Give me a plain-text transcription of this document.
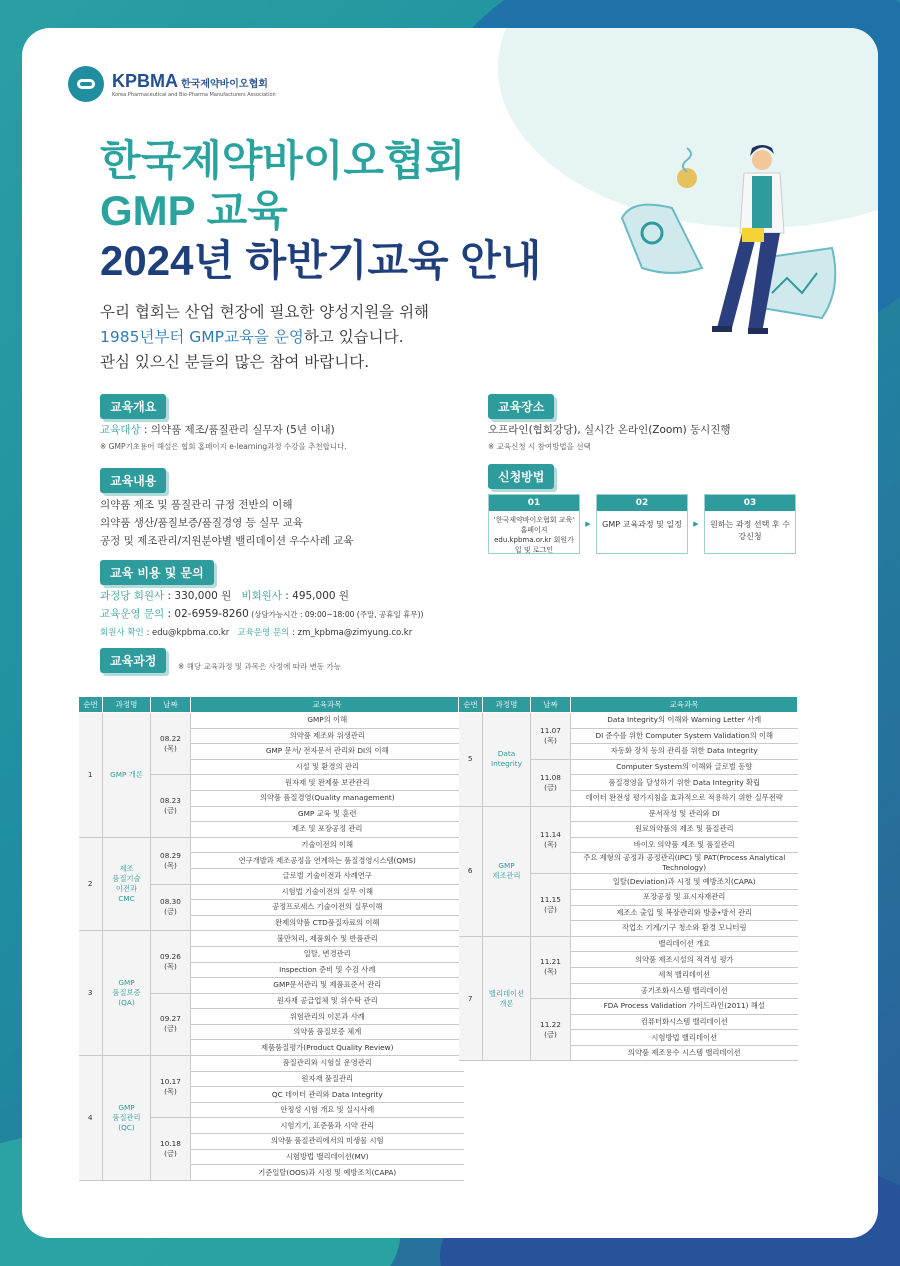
KPBMA 한국제약바이오협회
Korea Pharmaceutical and Bio-Pharma Manufacturers Association
한국제약바이오협회
GMP 교육
2024년 하반기교육 안내
우리 협회는 산업 현장에 필요한 양성지원을 위해
1985년부터 GMP교육을 운영하고 있습니다.
관심 있으신 분들의 많은 참여 바랍니다.
교육개요
교육대상 : 의약품 제조/품질관리 실무자 (5년 이내)
※ GMP기초용어 해설은 협회 홈페이지 e-learning과정 수강을 추천합니다.
교육장소
오프라인(협회강당), 실시간 온라인(Zoom) 동시진행
※ 교육신청 시 참여방법을 선택
신청방법
01
'한국제약바이오협회 교육' 홈페이지 edu.kpbma.or.kr 회원가입 및 로그인
▶
02
GMP 교육과정 및 일정	▶
03
원하는 과정 선택 후 수강신청
교육내용
의약품 제조 및 품질관리 규정 전반의 이해
의약품 생산/품질보증/품질경영 등 실무 교육
공정 및 제조관리/지원분야별 밸리데이션 우수사례 교육
교육 비용 및 문의
과정당 회원사 : 330,000 원 비회원사 : 495,000 원
교육운영 문의 : 02-6959-8260 (상담가능시간 : 09:00~18:00 (주말, 공휴일 휴무))
회원사 확인 : edu@kpbma.co.kr 교육운영 문의 : zm_kpbma@zimyung.co.kr
교육과정	※ 해당 교육과정 및 과목은 사정에 따라 변동 가능
순번	과정명	날짜	교육과목
1	GMP 개론	08.22
(목)	GMP의 이해
			의약품 제조와 위생관리
			GMP 문서/ 전자문서 관리와 DI의 이해
			시설 및 환경의 관리
		08.23
(금)	원자재 및 완제품 보관관리
			의약품 품질경영(Quality management)
			GMP 교육 및 훈련
			제조 및 포장공정 관리
2	제조
품질기술
이전과
CMC	08.29
(목)	기술이전의 이해
			연구개발과 제조공정을 연계하는 품질경영시스템(QMS)
			글로벌 기술이전과 사례연구
		08.30
(금)	시험법 기술이전의 실무 이해
			공정프로세스 기술이전의 실무이해
			완제의약품 CTD품질자료의 이해
3	GMP
품질보증
(QA)	09.26
(목)	불만처리, 제품회수 및 반품관리
			일탈, 변경관리
			Inspection 준비 및 수검 사례
			GMP문서관리 및 제품표준서 관리
		09.27
(금)	원자재 공급업체 및 위수탁 관리
			위험관리의 이론과 사례
			의약품 품질보증 체계
			제품품질평가(Product Quality Review)
4	GMP
품질관리
(QC)	10.17
(목)	품질관리와 시험실 운영관리
			원자재 품질관리
			QC 데이터 관리와 Data Integrity
			안정성 시험 개요 및 실시사례
		10.18
(금)	시험기기, 표준품과 시약 관리
			의약품 품질관리에서의 미생물 시험
			시험방법 밸리데이션(MV)
			기준일탈(OOS)과 시정 및 예방조치(CAPA)
순번	과정명	날짜	교육과목
5	Data
Integrity	11.07
(목)	Data Integrity의 이해와 Warning Letter 사례
			DI 준수를 위한 Computer System Validation의 이해
			자동화 장치 등의 관리를 위한 Data Integrity
		11.08
(금)	Computer System의 이해와 글로벌 동향
			품질경영을 달성하기 위한 Data Integrity 확립
			데이터 완전성 평가지침을 효과적으로 적용하기 위한 실무전략
6	GMP
제조관리	11.14
(목)	문서작성 및 관리와 DI
			원료의약품의 제조 및 품질관리
			바이오 의약품 제조 및 품질관리
			주요 제형의 공정과 공정관리(IPC) 및 PAT(Process Analytical Technology)
		11.15
(금)	일탈(Deviation)과 시정 및 예방조치(CAPA)
			포장공정 및 표시자재관리
			제조소 출입 및 복장관리와 방충•방서 관리
			작업소 기계/기구 청소와 환경 모니터링
7	밸리데이션
개론	11.21
(목)	밸리데이션 개요
			의약품 제조시설의 적격성 평가
			세척 밸리데이션
			공기조화시스템 밸리데이션
		11.22
(금)	FDA Process Validation 가이드라인(2011) 해설
			컴퓨터화시스템 밸리데이션
			시험방법 밸리데이션
			의약품 제조용수 시스템 밸리데이션
